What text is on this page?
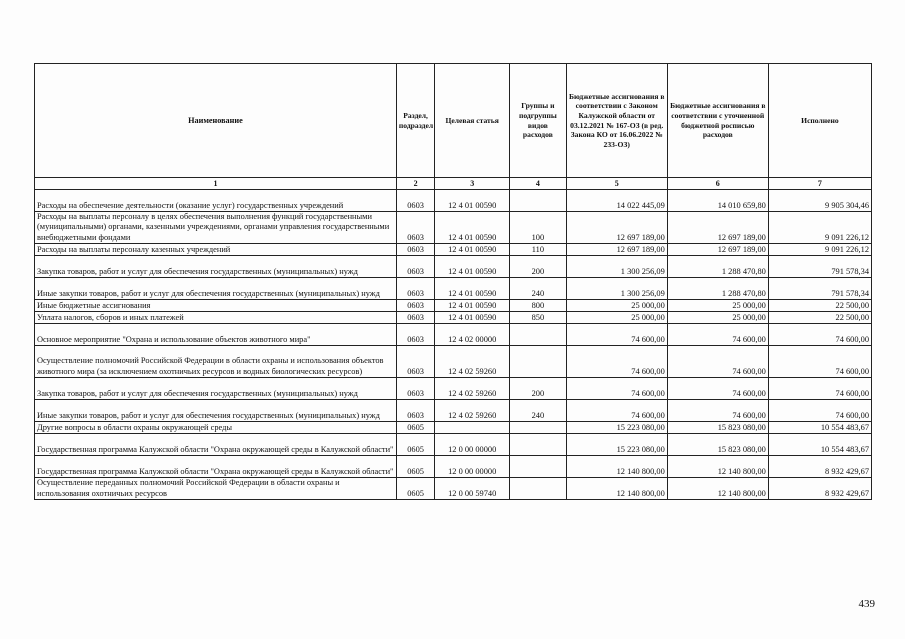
Наименование	Раздел, подраздел	Целевая статья	Группы и подгруппы видов расходов	Бюджетные ассигнования в соответствии с Законом Калужской области от 03.12.2021 № 167-ОЗ (в ред. Закона КО от 16.06.2022 № 233-ОЗ)	Бюджетные ассигнования в соответствии с уточненной бюджетной росписью расходов	Исполнено
1	2	3	4	5	6	7
Расходы на обеспечение деятельности (оказание услуг) государственных учреждений	0603	12 4 01 00590		14 022 445,09	14 010 659,80	9 905 304,46
Расходы на выплаты персоналу в целях обеспечения выполнения функций государственными (муниципальными) органами, казенными учреждениями, органами управления государственными внебюджетными фондами	0603	12 4 01 00590	100	12 697 189,00	12 697 189,00	9 091 226,12
Расходы на выплаты персоналу казенных учреждений	0603	12 4 01 00590	110	12 697 189,00	12 697 189,00	9 091 226,12
Закупка товаров, работ и услуг для обеспечения государственных (муниципальных) нужд	0603	12 4 01 00590	200	1 300 256,09	1 288 470,80	791 578,34
Иные закупки товаров, работ и услуг для обеспечения государственных (муниципальных) нужд	0603	12 4 01 00590	240	1 300 256,09	1 288 470,80	791 578,34
Иные бюджетные ассигнования	0603	12 4 01 00590	800	25 000,00	25 000,00	22 500,00
Уплата налогов, сборов и иных платежей	0603	12 4 01 00590	850	25 000,00	25 000,00	22 500,00
Основное мероприятие "Охрана и использование объектов животного мира"	0603	12 4 02 00000		74 600,00	74 600,00	74 600,00
Осуществление полномочий Российской Федерации в области охраны и использования объектов животного мира (за исключением охотничьих ресурсов и водных биологических ресурсов)	0603	12 4 02 59260		74 600,00	74 600,00	74 600,00
Закупка товаров, работ и услуг для обеспечения государственных (муниципальных) нужд	0603	12 4 02 59260	200	74 600,00	74 600,00	74 600,00
Иные закупки товаров, работ и услуг для обеспечения государственных (муниципальных) нужд	0603	12 4 02 59260	240	74 600,00	74 600,00	74 600,00
Другие вопросы в области охраны окружающей среды	0605			15 223 080,00	15 823 080,00	10 554 483,67
Государственная программа Калужской области "Охрана окружающей среды в Калужской области"	0605	12 0 00 00000		15 223 080,00	15 823 080,00	10 554 483,67
Государственная программа Калужской области "Охрана окружающей среды в Калужской области"	0605	12 0 00 00000		12 140 800,00	12 140 800,00	8 932 429,67
Осуществление переданных полномочий Российской Федерации в области охраны и использования охотничьих ресурсов	0605	12 0 00 59740		12 140 800,00	12 140 800,00	8 932 429,67
439
